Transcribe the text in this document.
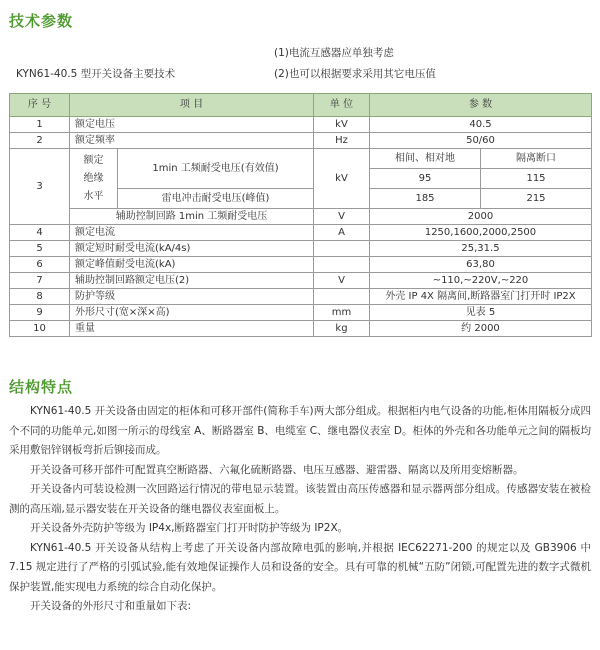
技术参数
(1)电流互感器应单独考虑
(2)也可以根据要求采用其它电压值
KYN61-40.5 型开关设备主要技术
序 号	项 目		单 位	参 数	
1	额定电压		kV	40.5	
2	额定频率		Hz	50/60	
3	额定
绝缘
水平	1min 工频耐受电压(有效值)	kV	相间、相对地	隔离断口
				95	115
		雷电冲击耐受电压(峰值)		185	215
	辅助控制回路 1min 工频耐受电压		V	2000	
4	额定电流		A	1250,1600,2000,2500	
5	额定短时耐受电流(kA/4s)			25,31.5	
6	额定峰值耐受电流(kA)			63,80	
7	辅助控制回路额定电压(2)		V	~110,~220V,~220	
8	防护等级			外壳 IP 4X 隔离间,断路器室门打开时 IP2X	
9	外形尺寸(宽×深×高)		mm	见表 5	
10	重量		kg	约 2000	
结构特点

KYN61-40.5 开关设备由固定的柜体和可移开部件(简称手车)两大部分组成。根据柜内电气设备的功能,柜体用隔板分成四个不同的功能单元,如图一所示的母线室 A、断路器室 B、电缆室 C、继电器仪表室 D。柜体的外壳和各功能单元之间的隔板均采用敷铝锌钢板弯折后铆接而成。

开关设备可移开部件可配置真空断路器、六氟化硫断路器、电压互感器、避雷器、隔离以及所用变熔断器。

开关设备内可装设检测一次回路运行情况的带电显示装置。该装置由高压传感器和显示器两部分组成。传感器安装在被检测的高压端,显示器安装在开关设备的继电器仪表室面板上。

开关设备外壳防护等级为 IP4x,断路器室门打开时防护等级为 IP2X。

KYN61-40.5 开关设备从结构上考虑了开关设备内部故障电弧的影响,并根据 IEC62271-200 的规定以及 GB3906 中 7.15 规定进行了严格的引弧试验,能有效地保证操作人员和设备的安全。具有可靠的机械“五防”闭锁,可配置先进的数字式微机保护装置,能实现电力系统的综合自动化保护。

开关设备的外形尺寸和重量如下表:
